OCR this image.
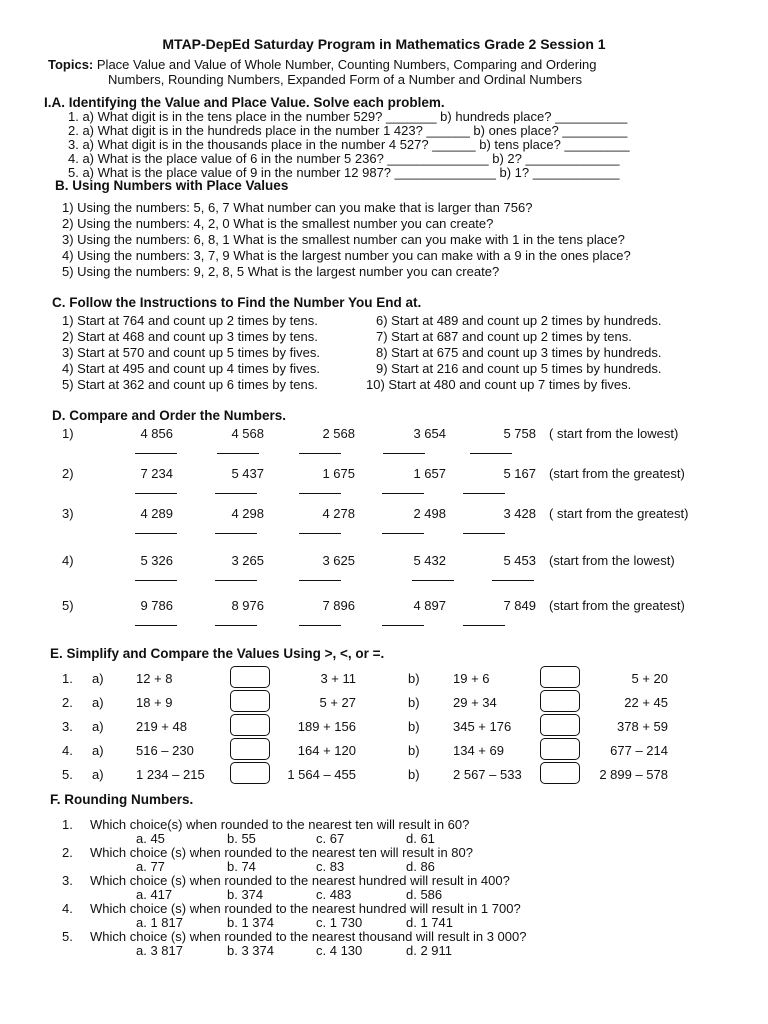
MTAP-DepEd Saturday Program in Mathematics Grade 2 Session 1
Topics: Place Value and Value of Whole Number, Counting Numbers, Comparing and Ordering
Numbers, Rounding Numbers, Expanded Form of a Number and Ordinal Numbers
I.A. Identifying the Value and Place Value. Solve each problem.
1. a) What digit is in the tens place in the number 529? _______ b) hundreds place? __________
2. a) What digit is in the hundreds place in the number 1 423? ______ b) ones place? _________
3. a) What digit is in the thousands place in the number 4 527? ______ b) tens place? _________
4. a) What is the place value of 6 in the number 5 236? ______________ b) 2? _____________
5. a) What is the place value of 9 in the number 12 987? ______________ b) 1? ____________
B. Using Numbers with Place Values
1) Using the numbers: 5, 6, 7 What number can you make that is larger than 756?
2) Using the numbers: 4, 2, 0 What is the smallest number you can create?
3) Using the numbers: 6, 8, 1 What is the smallest number can you make with 1 in the tens place?
4) Using the numbers: 3, 7, 9 What is the largest number you can make with a 9 in the ones place?
5) Using the numbers: 9, 2, 8, 5 What is the largest number you can create?
C. Follow the Instructions to Find the Number You End at.
1) Start at 764 and count up 2 times by tens.
2) Start at 468 and count up 3 times by tens.
3) Start at 570 and count up 5 times by fives.
4) Start at 495 and count up 4 times by fives.
5) Start at 362 and count up 6 times by tens.
6) Start at 489 and count up 2 times by hundreds.
7) Start at 687 and count up 2 times by tens.
8) Start at 675 and count up 3 times by hundreds.
9) Start at 216 and count up 5 times by hundreds.
10) Start at 480 and count up 7 times by fives.
D. Compare and Order the Numbers.
1)	4 856	4 568	2 568	3 654	5 758 ( start from the lowest)
2)	7 234	5 437	1 675	1 657	5 167 (start from the greatest)
3)	4 289	4 298	4 278	2 498	3 428 ( start from the greatest)
4)	5 326	3 265	3 625	5 432	5 453 (start from the lowest)
5)	9 786	8 976	7 896	4 897	7 849 (start from the greatest)
E. Simplify and Compare the Values Using >, <, or =.
1. a) 12 + 8	3 + 11	b)	19 + 6	5 + 20
2. a) 18 + 9	5 + 27	b)	29 + 34	22 + 45
3. a) 219 + 48	189 + 156	b)	345 + 176	378 + 59
4. a) 516 – 230	164 + 120	b)	134 + 69	677 – 214
5. a) 1 234 – 215	1 564 – 455	b)	2 567 – 533	2 899 – 578
F. Rounding Numbers.
1. Which choice(s) when rounded to the nearest ten will result in 60?
a. 45	b. 55	c. 67	d. 61
2. Which choice (s) when rounded to the nearest ten will result in 80?
a. 77	b. 74	c. 83	d. 86
3. Which choice (s) when rounded to the nearest hundred will result in 400?
a. 417	b. 374	c. 483	d. 586
4. Which choice (s) when rounded to the nearest hundred will result in 1 700?
a. 1 817	b. 1 374	c. 1 730	d. 1 741
5. Which choice (s) when rounded to the nearest thousand will result in 3 000?
a. 3 817	b. 3 374	c. 4 130	d. 2 911
